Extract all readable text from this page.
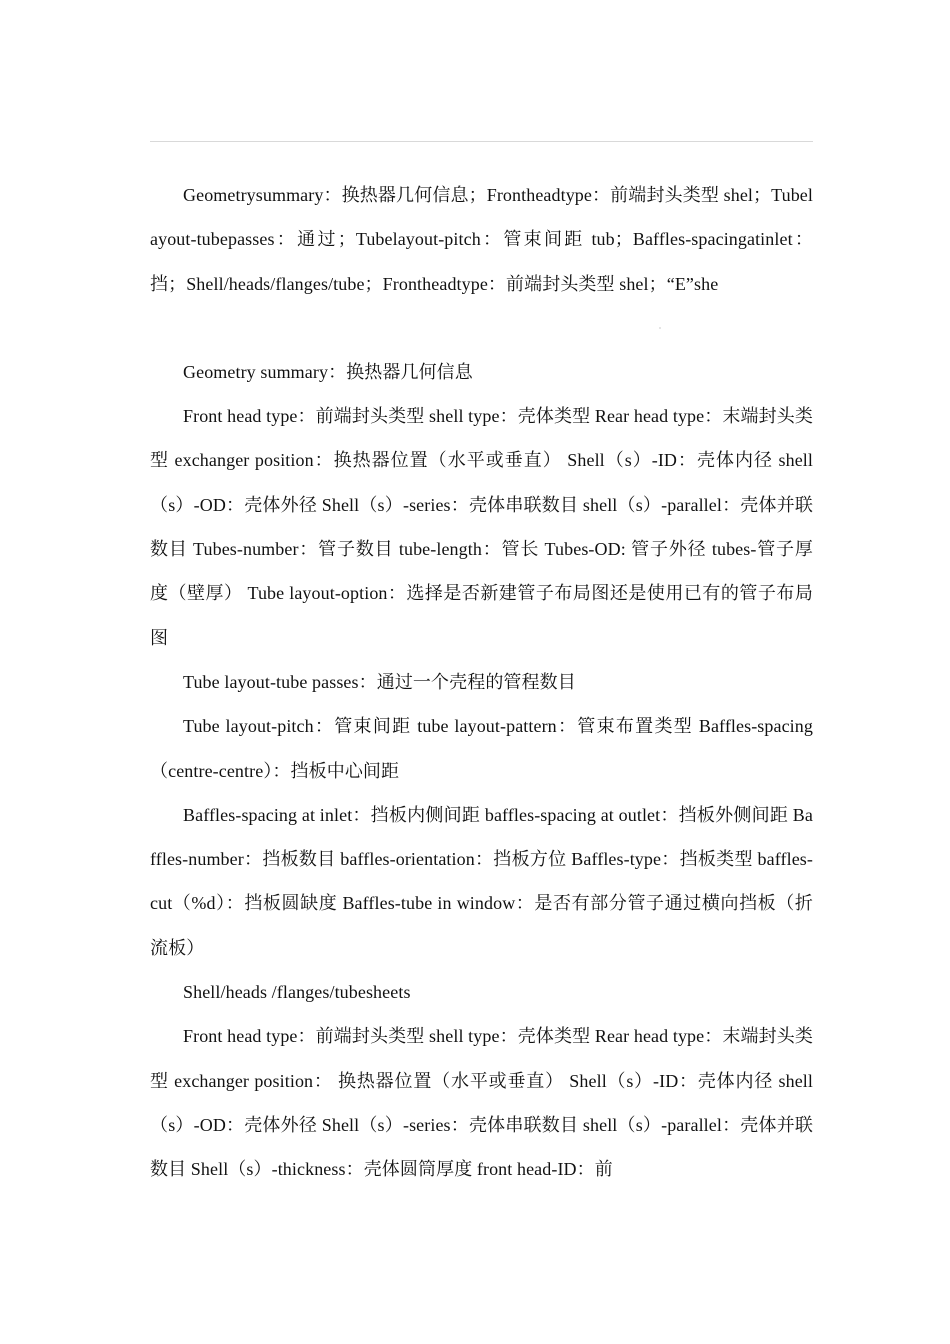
Geometrysummary：换热器几何信息；Frontheadtype：前端封头类型 shel；Tubelayout-tubepasses：通过；Tubelayout-pitch：管束间距 tub；Baffles-spacingatinlet：挡；Shell/heads/flanges/tube；Frontheadtype：前端封头类型 shel；“E”she

Geometry summary：换热器几何信息

Front head type：前端封头类型 shell type：壳体类型 Rear head type：末端封头类型 exchanger position：换热器位置（水平或垂直） Shell（s）-ID：壳体内径 shell（s）-OD：壳体外径 Shell（s）-series：壳体串联数目 shell（s）-parallel：壳体并联数目 Tubes-number：管子数目 tube-length：管长 Tubes-OD: 管子外径 tubes-管子厚度（壁厚） Tube layout-option：选择是否新建管子布局图还是使用已有的管子布局图

Tube layout-tube passes：通过一个壳程的管程数目

Tube layout-pitch：管束间距 tube layout-pattern：管束布置类型 Baffles-spacing（centre-centre）：挡板中心间距

Baffles-spacing at inlet：挡板内侧间距 baffles-spacing at outlet：挡板外侧间距 Baffles-number：挡板数目 baffles-orientation：挡板方位 Baffles-type：挡板类型 baffles-cut（%d）：挡板圆缺度 Baffles-tube in window：是否有部分管子通过横向挡板（折流板）

Shell/heads /flanges/tubesheets

Front head type：前端封头类型 shell type：壳体类型 Rear head type：末端封头类型 exchanger position： 换热器位置（水平或垂直） Shell（s）-ID：壳体内径 shell（s）-OD：壳体外径 Shell（s）-series：壳体串联数目 shell（s）-parallel：壳体并联数目 Shell（s）-thickness：壳体圆筒厚度 front head-ID：前
